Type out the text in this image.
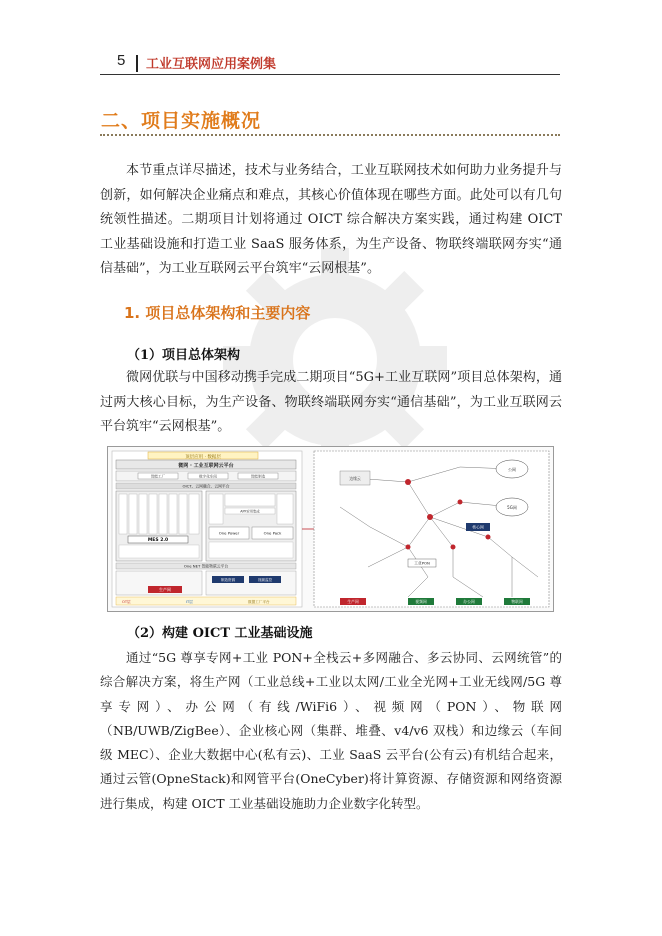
5 工业互联网应用案例集
二、项目实施概况

本节重点详尽描述，技术与业务结合，工业互联网技术如何助力业务提升与创新，如何解决企业痛点和难点，其核心价值体现在哪些方面。此处可以有几句统领性描述。二期项目计划将通过 OICT 综合解决方案实践，通过构建 OICT 工业基础设施和打造工业 SaaS 服务体系，为生产设备、物联终端联网夯实“通信基础”，为工业互联网云平台筑牢“云网根基”。

1. 项目总体架构和主要内容
（1）项目总体架构

微网优联与中国移动携手完成二期项目“5G+工业互联网”项目总体架构，通过两大核心目标，为生产设备、物联终端联网夯实“通信基础”，为工业互联网云平台筑牢“云网根基”。

顶层应用 · 数据层
微网 · 工业互联网云平台
智能工厂	数字化车间	智能制造
OICT、云网融合、云网平台
MES 2.0
APP应用集成
One Power	One Pack
One NET 智能物联云平台
生产网
制造资源	视频监控
OT层	IT层	数据工厂平台
公网
5G网
核心网
边缘云
工业PON
生产网	视频网	办公网	物联网
（2）构建 OICT 工业基础设施

通过“5G 尊享专网+工业 PON+全栈云+多网融合、多云协同、云网统管”的综合解决方案，将生产网（工业总线+工业以太网/工业全光网+工业无线网/5G 尊享专网）、办公网（有线/WiFi6）、视频网（PON）、物联网（NB/UWB/ZigBee）、企业核心网（集群、堆叠、v4/v6 双栈）和边缘云（车间级 MEC）、企业大数据中心(私有云)、工业 SaaS 云平台(公有云)有机结合起来，通过云管(OpneStack)和网管平台(OneCyber)将计算资源、存储资源和网络资源进行集成，构建 OICT 工业基础设施助力企业数字化转型。
